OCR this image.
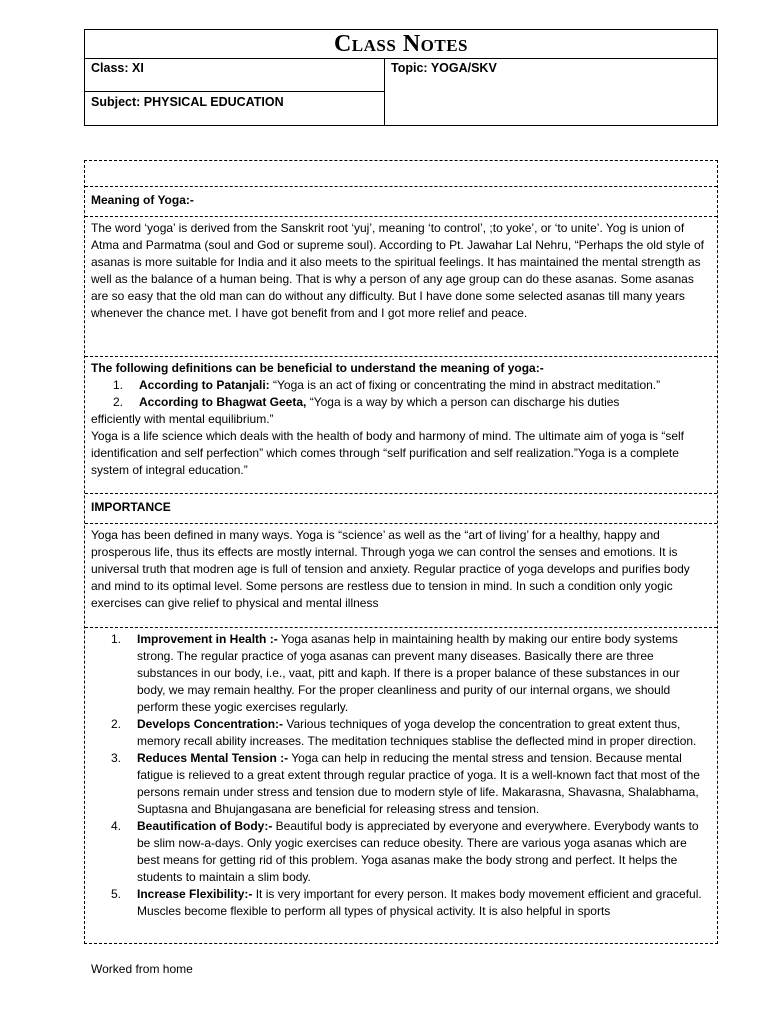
Class Notes
Class: XI
Subject: PHYSICAL EDUCATION
Topic: YOGA/SKV
Meaning of Yoga:-
The word ‘yoga’ is derived from the Sanskrit root ‘yuj’, meaning ‘to control’, ;to yoke’, or ‘to unite’. Yog is union of Atma and Parmatma (soul and God or supreme soul). According to Pt. Jawahar Lal Nehru, “Perhaps the old style of asanas is more suitable for India and it also meets to the spiritual feelings. It has maintained the mental strength as well as the balance of a human being. That is why a person of any age group can do these asanas. Some asanas are so easy that the old man can do without any difficulty. But I have done some selected asanas till many years whenever the chance met. I have got benefit from and I got more relief and peace.
The following definitions can be beneficial to understand the meaning of yoga:-
1. According to Patanjali: “Yoga is an act of fixing or concentrating the mind in abstract meditation.”
2. According to Bhagwat Geeta, “Yoga is a way by which a person can discharge his duties
efficiently with mental equilibrium.”
Yoga is a life science which deals with the health of body and harmony of mind. The ultimate aim of yoga is “self identification and self perfection” which comes through “self purification and self realization.”Yoga is a complete system of integral education.”
IMPORTANCE
Yoga has been defined in many ways. Yoga is “science’ as well as the “art of living’ for a healthy, happy and prosperous life, thus its effects are mostly internal. Through yoga we can control the senses and emotions. It is universal truth that modren age is full of tension and anxiety. Regular practice of yoga develops and purifies body and mind to its optimal level. Some persons are restless due to tension in mind. In such a condition only yogic exercises can give relief to physical and mental illness
1. Improvement in Health :- Yoga asanas help in maintaining health by making our entire body systems strong. The regular practice of yoga asanas can prevent many diseases. Basically there are three substances in our body, i.e., vaat, pitt and kaph. If there is a proper balance of these substances in our body, we may remain healthy. For the proper cleanliness and purity of our internal organs, we should perform these yogic exercises regularly.
2. Develops Concentration:- Various techniques of yoga develop the concentration to great extent thus, memory recall ability increases. The meditation techniques stablise the deflected mind in proper direction.
3. Reduces Mental Tension :- Yoga can help in reducing the mental stress and tension. Because mental fatigue is relieved to a great extent through regular practice of yoga. It is a well-known fact that most of the persons remain under stress and tension due to modern style of life. Makarasna, Shavasna, Shalabhama, Suptasna and Bhujangasana are beneficial for releasing stress and tension.
4. Beautification of Body:- Beautiful body is appreciated by everyone and everywhere. Everybody wants to be slim now-a-days. Only yogic exercises can reduce obesity. There are various yoga asanas which are best means for getting rid of this problem. Yoga asanas make the body strong and perfect. It helps the students to maintain a slim body.
5. Increase Flexibility:- It is very important for every person. It makes body movement efficient and graceful. Muscles become flexible to perform all types of physical activity. It is also helpful in sports
Worked from home
